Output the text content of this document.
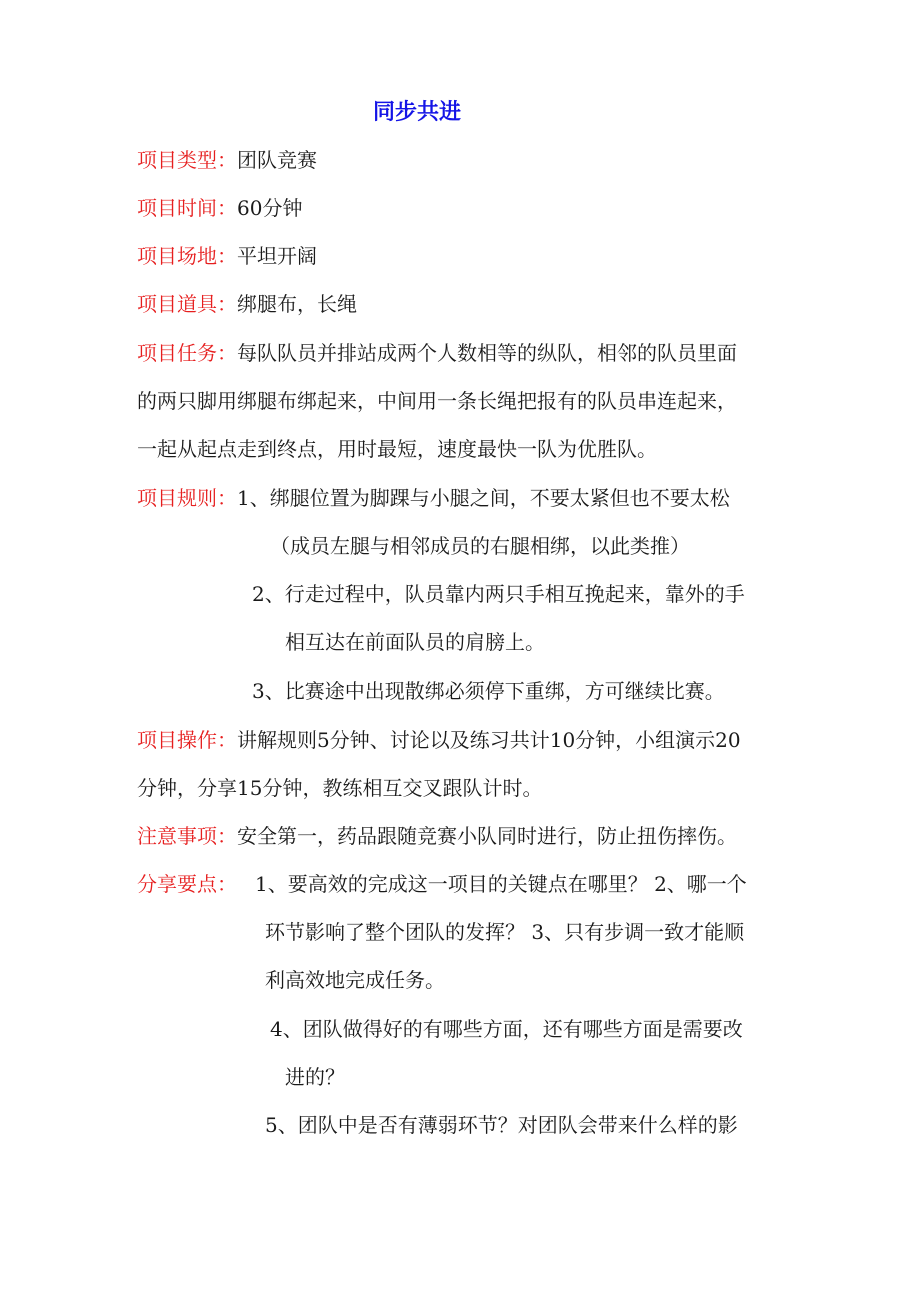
同步共进
项目类型：团队竞赛
项目时间：60分钟
项目场地：平坦开阔
项目道具：绑腿布，长绳
项目任务：每队队员并排站成两个人数相等的纵队，相邻的队员里面
的两只脚用绑腿布绑起来，中间用一条长绳把报有的队员串连起来，
一起从起点走到终点，用时最短，速度最快一队为优胜队。
项目规则：1、绑腿位置为脚踝与小腿之间，不要太紧但也不要太松
（成员左腿与相邻成员的右腿相绑，以此类推）
2、行走过程中，队员靠内两只手相互挽起来，靠外的手
相互达在前面队员的肩膀上。
3、比赛途中出现散绑必须停下重绑，方可继续比赛。
项目操作：讲解规则5分钟、讨论以及练习共计10分钟，小组演示20
分钟，分享15分钟，教练相互交叉跟队计时。
注意事项：安全第一，药品跟随竞赛小队同时进行，防止扭伤摔伤。
分享要点： 1、要高效的完成这一项目的关键点在哪里？ 2、哪一个
环节影响了整个团队的发挥？ 3、只有步调一致才能顺
利高效地完成任务。
4、团队做得好的有哪些方面，还有哪些方面是需要改
进的？
5、团队中是否有薄弱环节？对团队会带来什么样的影
